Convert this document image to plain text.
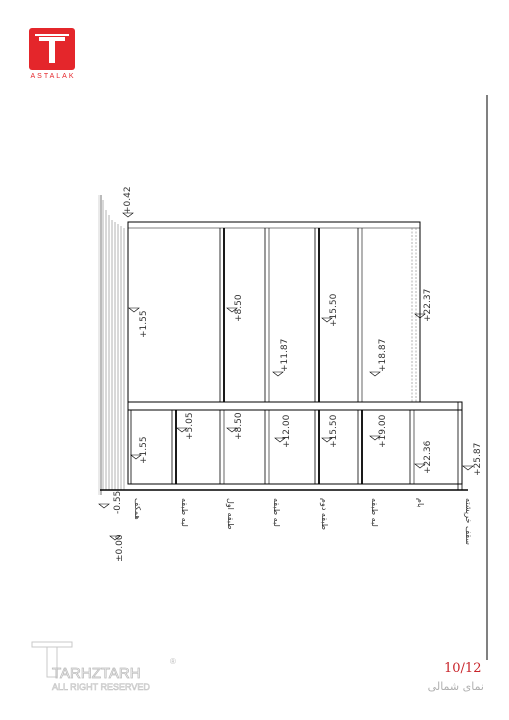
ASTALAK
+0.42
+1.55
+8.50	+15.50
+11.87	+18.87
+22.37
+1.55
+5.05	+8.50	+12.00	+15.50	+19.00
+22.36	+25.87
-0.55
±0.00
همکف	لبه طبقه	طبقه اول	لبه طبقه	طبقه دوم	لبه طبقه	بام	سقف خرپشته
TARHZTARH
®
ALL RIGHT RESERVED
10/12
نمای شمالی
